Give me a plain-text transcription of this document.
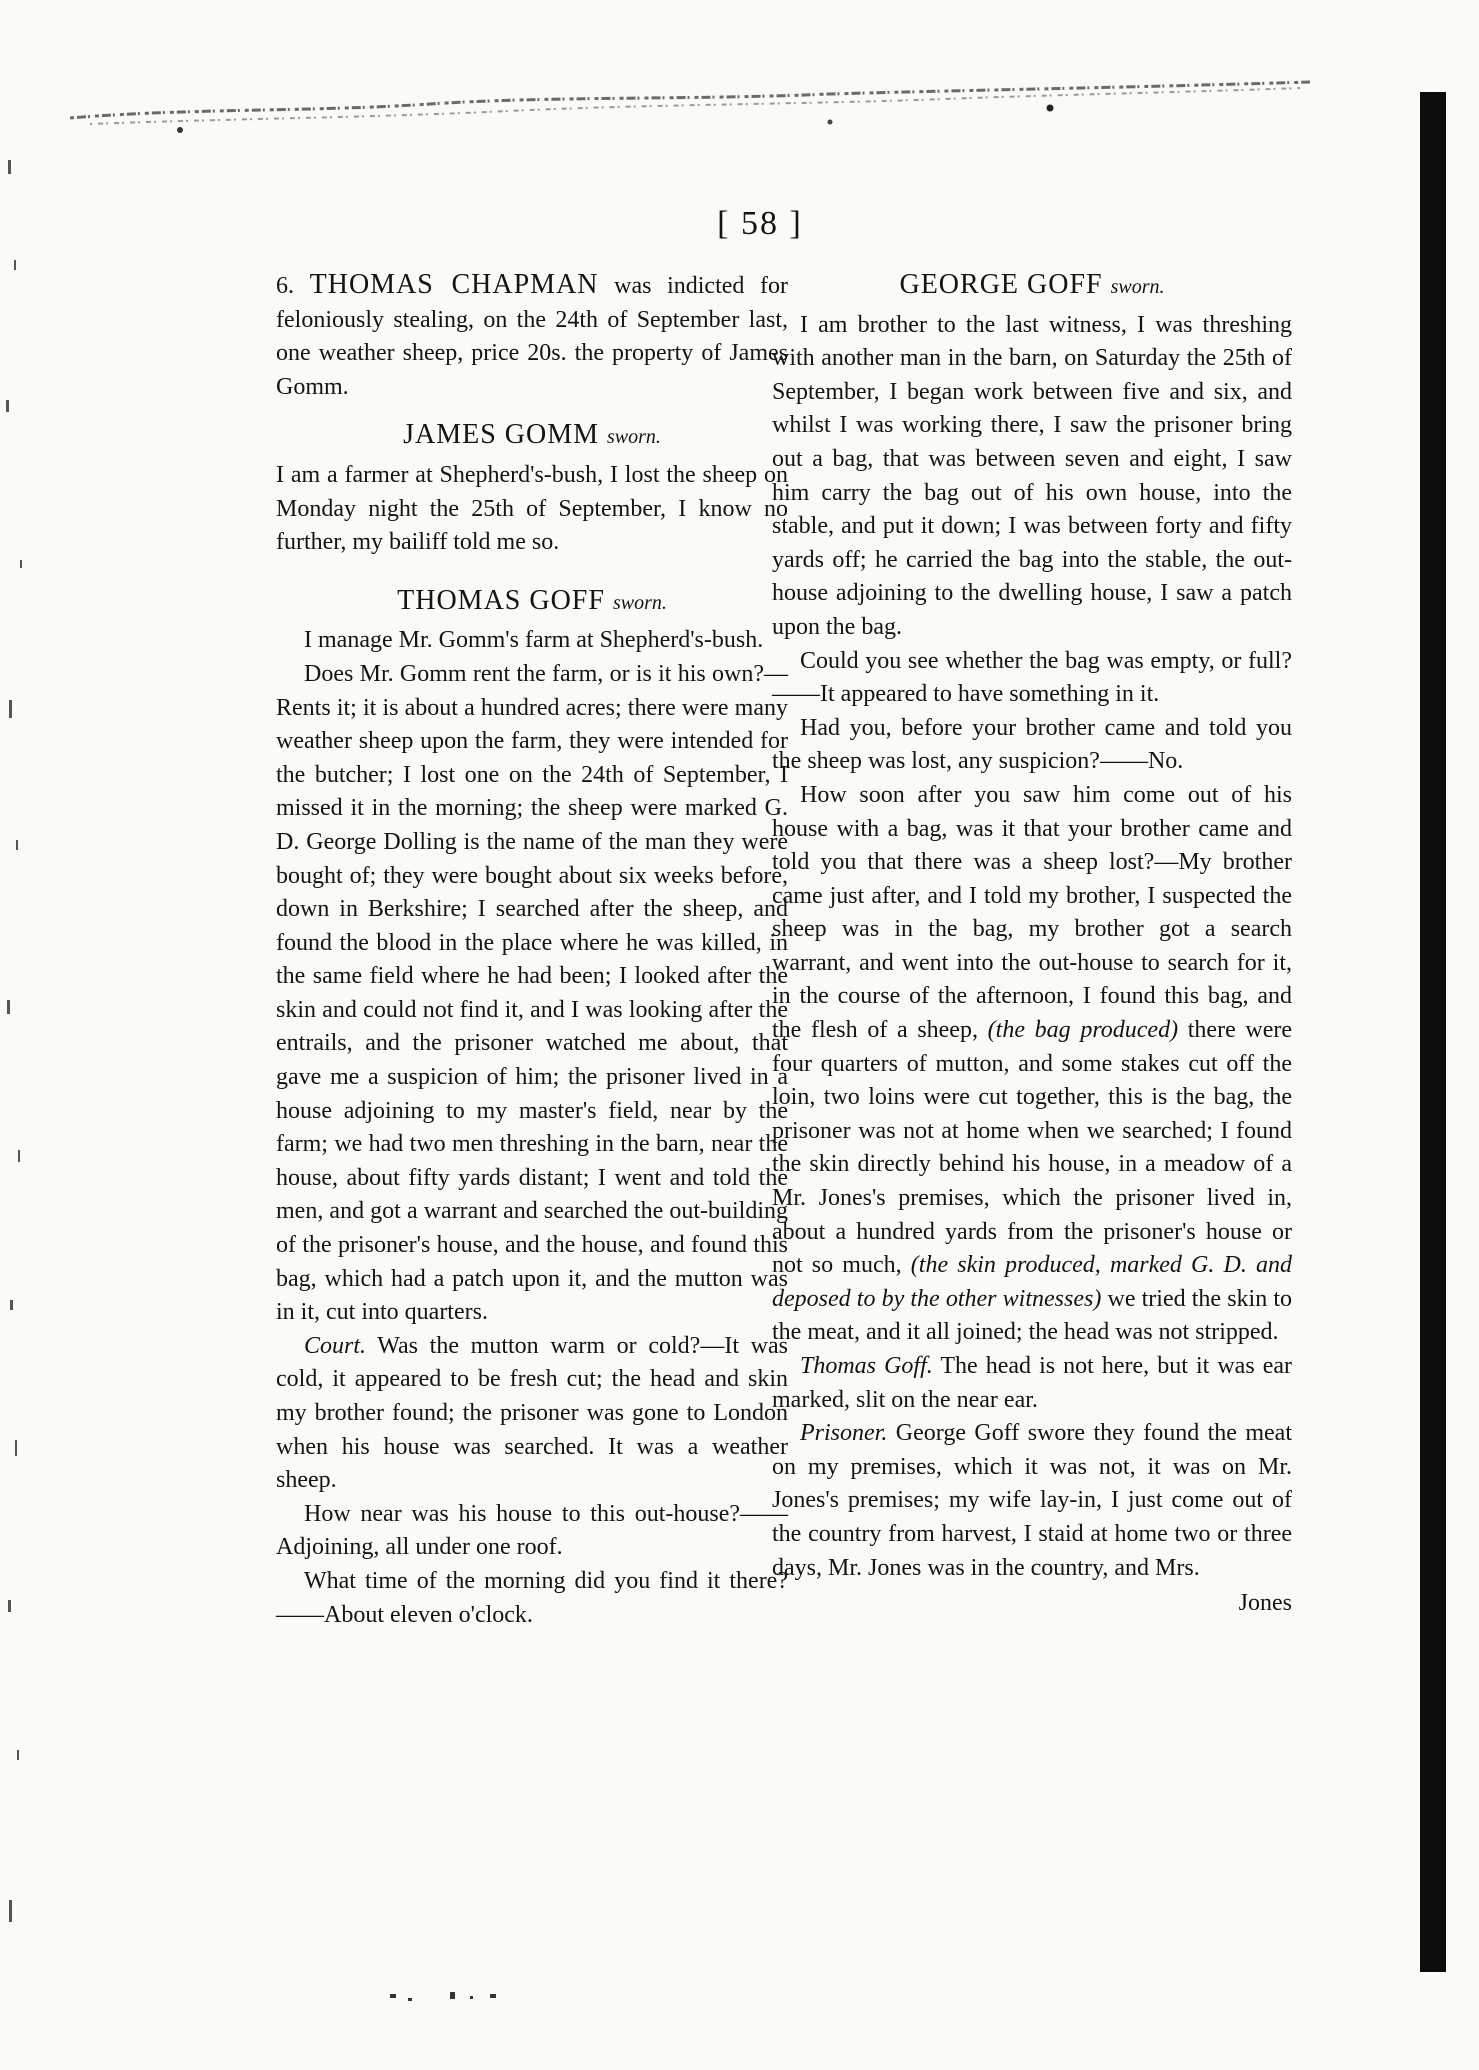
[ 58 ]

6. THOMAS CHAPMAN was indicted for feloniously stealing, on the 24th of September last, one weather sheep, price 20s. the property of James Gomm.

JAMES GOMM sworn.

I am a farmer at Shepherd's-bush, I lost the sheep on Monday night the 25th of September, I know no further, my bailiff told me so.

THOMAS GOFF sworn.

I manage Mr. Gomm's farm at Shepherd's-bush.

Does Mr. Gomm rent the farm, or is it his own?—Rents it; it is about a hundred acres; there were many weather sheep upon the farm, they were intended for the butcher; I lost one on the 24th of September, I missed it in the morning; the sheep were marked G. D. George Dolling is the name of the man they were bought of; they were bought about six weeks before, down in Berkshire; I searched after the sheep, and found the blood in the place where he was killed, in the same field where he had been; I looked after the skin and could not find it, and I was looking after the entrails, and the prisoner watched me about, that gave me a suspicion of him; the prisoner lived in a house adjoining to my master's field, near by the farm; we had two men threshing in the barn, near the house, about fifty yards distant; I went and told the men, and got a warrant and searched the out-building of the prisoner's house, and the house, and found this bag, which had a patch upon it, and the mutton was in it, cut into quarters.

Court. Was the mutton warm or cold?—It was cold, it appeared to be fresh cut; the head and skin my brother found; the prisoner was gone to London when his house was searched. It was a weather sheep.

How near was his house to this out-house?——Adjoining, all under one roof.

What time of the morning did you find it there?——About eleven o'clock.

GEORGE GOFF sworn.

I am brother to the last witness, I was threshing with another man in the barn, on Saturday the 25th of September, I began work between five and six, and whilst I was working there, I saw the prisoner bring out a bag, that was between seven and eight, I saw him carry the bag out of his own house, into the stable, and put it down; I was between forty and fifty yards off; he carried the bag into the stable, the out-house adjoining to the dwelling house, I saw a patch upon the bag.

Could you see whether the bag was empty, or full?——It appeared to have something in it.

Had you, before your brother came and told you the sheep was lost, any suspicion?——No.

How soon after you saw him come out of his house with a bag, was it that your brother came and told you that there was a sheep lost?—My brother came just after, and I told my brother, I suspected the sheep was in the bag, my brother got a search warrant, and went into the out-house to search for it, in the course of the afternoon, I found this bag, and the flesh of a sheep, (the bag produced) there were four quarters of mutton, and some stakes cut off the loin, two loins were cut together, this is the bag, the prisoner was not at home when we searched; I found the skin directly behind his house, in a meadow of a Mr. Jones's premises, which the prisoner lived in, about a hundred yards from the prisoner's house or not so much, (the skin produced, marked G. D. and deposed to by the other witnesses) we tried the skin to the meat, and it all joined; the head was not stripped.

Thomas Goff. The head is not here, but it was ear marked, slit on the near ear.

Prisoner. George Goff swore they found the meat on my premises, which it was not, it was on Mr. Jones's premises; my wife lay-in, I just come out of the country from harvest, I staid at home two or three days, Mr. Jones was in the country, and Mrs.

Jones
